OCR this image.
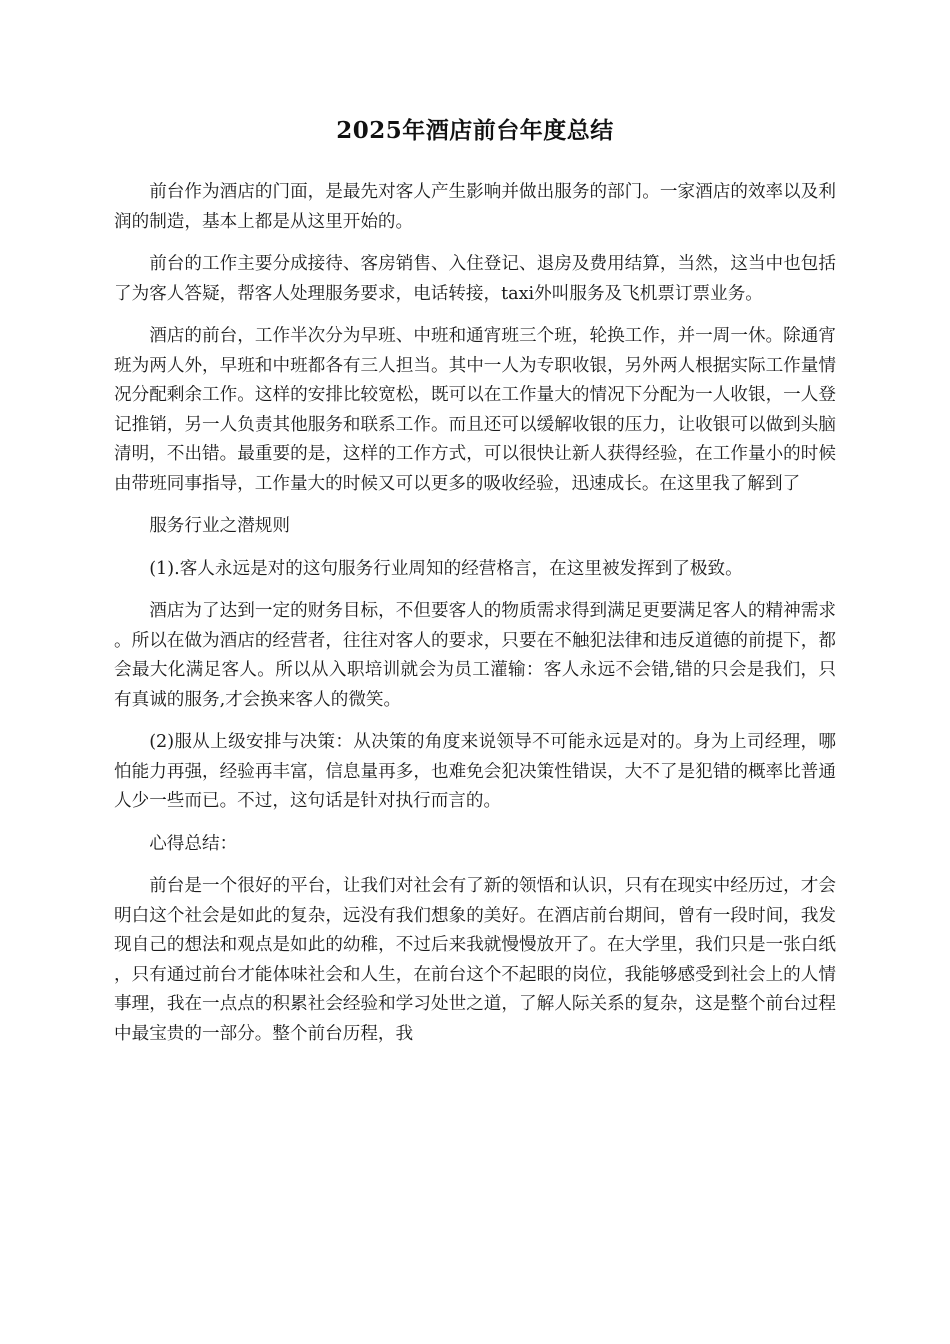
2025年酒店前台年度总结

前台作为酒店的门面，是最先对客人产生影响并做出服务的部门。一家酒店的效率以及利润的制造，基本上都是从这里开始的。

前台的工作主要分成接待、客房销售、入住登记、退房及费用结算，当然，这当中也包括了为客人答疑，帮客人处理服务要求，电话转接，taxi外叫服务及飞机票订票业务。

酒店的前台，工作半次分为早班、中班和通宵班三个班，轮换工作，并一周一休。除通宵班为两人外，早班和中班都各有三人担当。其中一人为专职收银，另外两人根据实际工作量情况分配剩余工作。这样的安排比较宽松，既可以在工作量大的情况下分配为一人收银，一人登记推销，另一人负责其他服务和联系工作。而且还可以缓解收银的压力，让收银可以做到头脑清明，不出错。最重要的是，这样的工作方式，可以很快让新人获得经验，在工作量小的时候由带班同事指导，工作量大的时候又可以更多的吸收经验，迅速成长。在这里我了解到了

服务行业之潜规则

(1).客人永远是对的这句服务行业周知的经营格言，在这里被发挥到了极致。

酒店为了达到一定的财务目标，不但要客人的物质需求得到满足更要满足客人的精神需求。所以在做为酒店的经营者，往往对客人的要求，只要在不触犯法律和违反道德的前提下，都会最大化满足客人。所以从入职培训就会为员工灌输：客人永远不会错,错的只会是我们，只有真诚的服务,才会换来客人的微笑。

(2)服从上级安排与决策：从决策的角度来说领导不可能永远是对的。身为上司经理，哪怕能力再强，经验再丰富，信息量再多，也难免会犯决策性错误，大不了是犯错的概率比普通人少一些而已。不过，这句话是针对执行而言的。

心得总结：

前台是一个很好的平台，让我们对社会有了新的领悟和认识，只有在现实中经历过，才会明白这个社会是如此的复杂，远没有我们想象的美好。在酒店前台期间，曾有一段时间，我发现自己的想法和观点是如此的幼稚，不过后来我就慢慢放开了。在大学里，我们只是一张白纸，只有通过前台才能体味社会和人生，在前台这个不起眼的岗位，我能够感受到社会上的人情事理，我在一点点的积累社会经验和学习处世之道，了解人际关系的复杂，这是整个前台过程中最宝贵的一部分。整个前台历程，我
